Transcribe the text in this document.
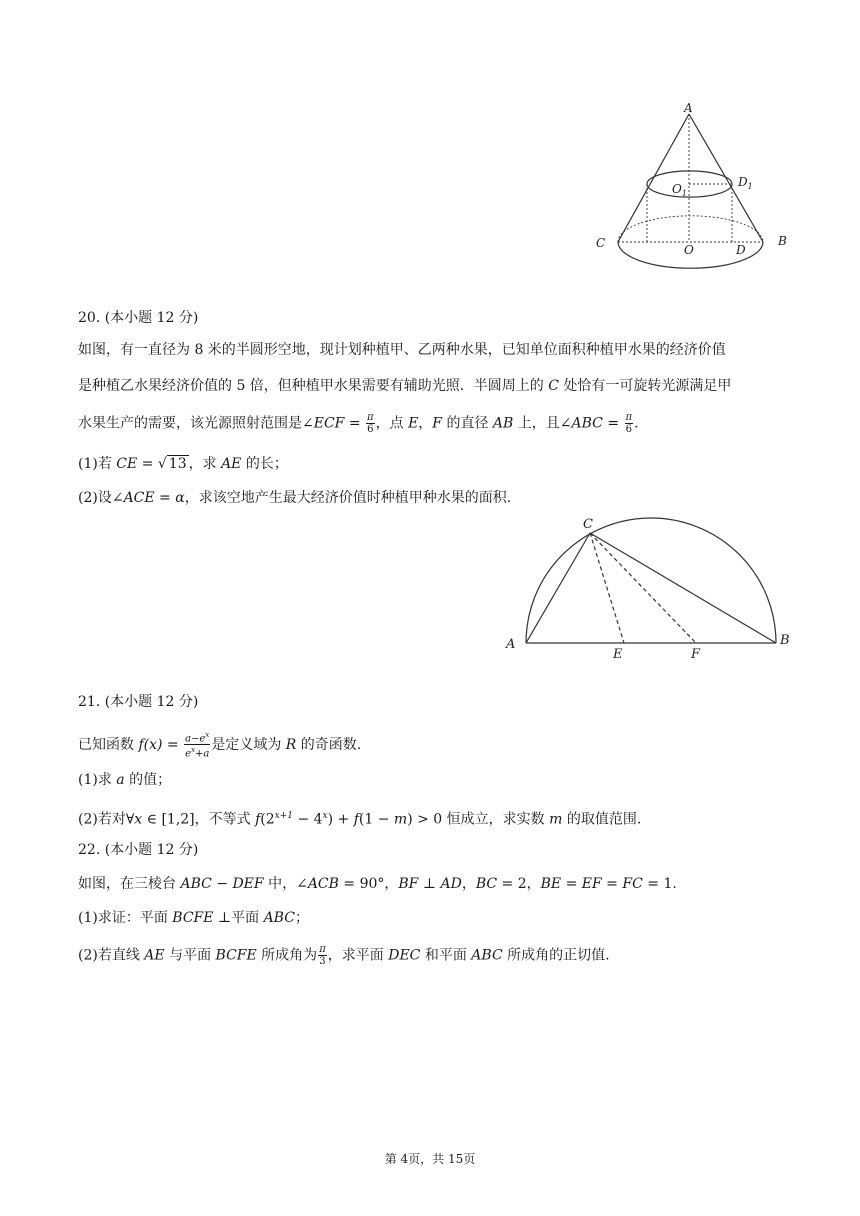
A
$O_1$
$D_1$
C	O	D
B
20. (本小题 12 分)
如图，有一直径为 8 米的半圆形空地，现计划种植甲、乙两种水果，已知单位面积种植甲水果的经济价值
是种植乙水果经济价值的 5 倍，但种植甲水果需要有辅助光照．半圆周上的 C 处恰有一可旋转光源满足甲
水果生产的需要，该光源照射范围是∠ECF = $\frac{\pi}{6}$ ，点 E，F 的直径 AB 上，且∠ABC = $\frac{\pi}{6}$ .
(1)若 CE = √ 13 ，求 AE 的长；
(2)设∠ACE = α，求该空地产生最大经济价值时种植甲种水果的面积.
C
A
E	F
B
21. (本小题 12 分)
已知函数 $f(x) = \frac{a-e^x}{e^x+a}$ 是定义域为 R 的奇函数.
(1)求 a 的值；
(2)若对∀x ∈ [1,2]，不等式 $f(2^{x+1} - 4^x) + f(1 - m) > 0$ 恒成立，求实数 m 的取值范围.
22. (本小题 12 分)
如图，在三棱台 ABC − DEF 中，∠ACB = 90°，BF ⊥ AD，BC = 2，BE = EF = FC = 1.
(1)求证：平面 BCFE ⊥平面 ABC；
(2)若直线 AE 与平面 BCFE 所成角为 $\frac{\pi}{3}$ ，求平面 DEC 和平面 ABC 所成角的正切值.
第 4页，共 15页
